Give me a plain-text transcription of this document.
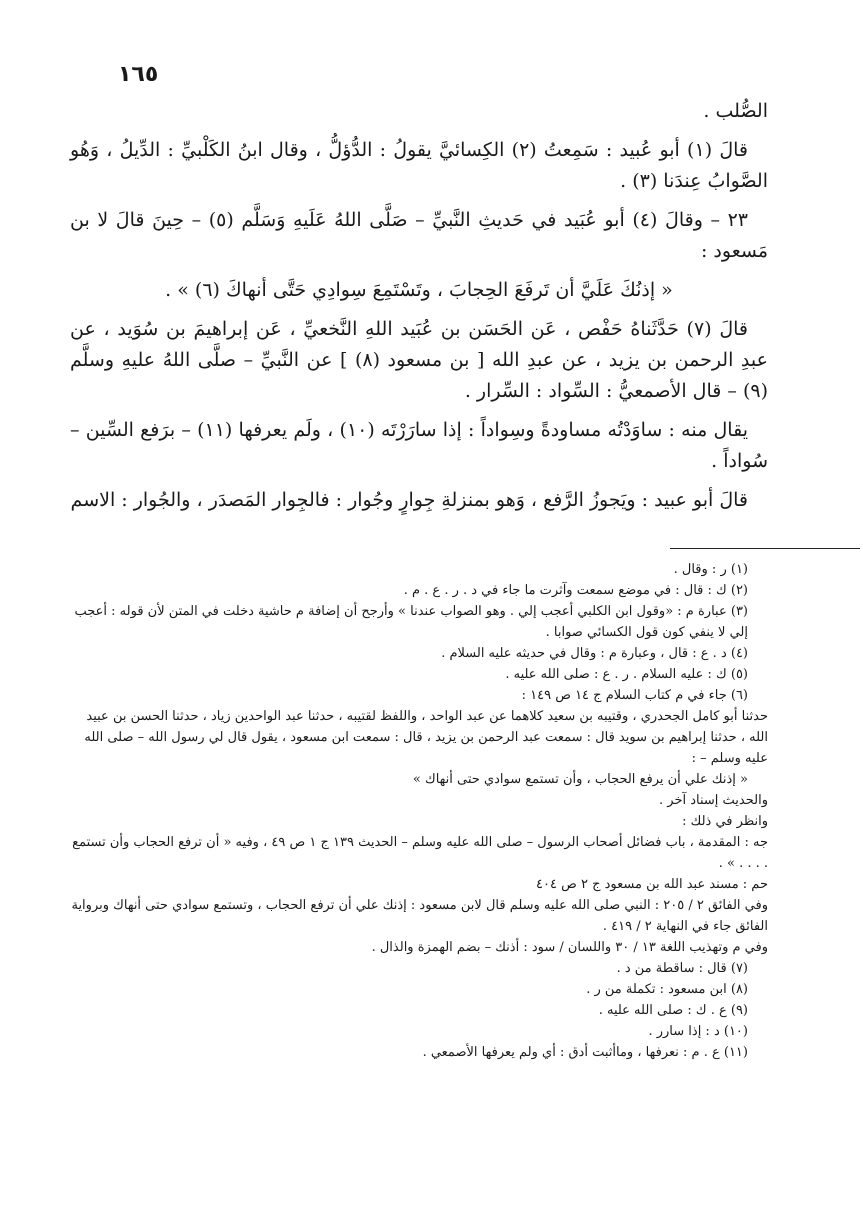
١٦٥

الصُّلب .

قالَ (١) أبو عُبيد : سَمِعتُ (٢) الكِسائيَّ يقولُ : الدُّؤلُّ ، وقال ابنُ الكَلْبيِّ : الدِّيلُ ، وَهُو الصَّوابُ عِندَنا (٣) .

٢٣ – وقالَ (٤) أبو عُبَيد في حَديثِ النَّبيِّ – صَلَّى اللهُ عَلَيهِ وَسَلَّم (٥) – حِينَ قالَ لا بن مَسعود :

« إذنُكَ عَلَيَّ أن تَرفَعَ الحِجابَ ، وتَسْتَمِعَ سِوادِي حَتَّى أنهاكَ (٦) » .

قالَ (٧) حَدَّثَناهُ حَفْص ، عَن الحَسَن بن عُبَيد اللهِ النَّخعيِّ ، عَن إبراهيمَ بن سُوَيد ، عن عبدِ الرحمن بن يزيد ، عن عبدِ الله [ بن مسعود (٨) ] عن النَّبيِّ – صلَّى اللهُ عليهِ وسلَّم (٩) – قال الأصمعيُّ : السِّواد : السِّرار .

يقال منه : ساوَدْتُه مساودةً وسِواداً : إذا سارَرْتَه (١٠) ، ولَم يعرفها (١١) – برَفع السِّين – سُواداً .

قالَ أبو عبيد : ويَجوزُ الرَّفع ، وَهو بمنزلةِ جِوارٍ وجُوار : فالجِوار المَصدَر ، والجُوار : الاسم

(١) ر : وقال .
(٢) ك : قال : في موضع سمعت وآثرت ما جاء في د . ر . ع . م .
(٣) عبارة م : «وقول ابن الكلبي أعجب إلي . وهو الصواب عندنا » وأرجح أن إضافة م حاشية دخلت في المتن لأن قوله : أعجب إلي لا ينفي كون قول الكسائي صوابا .
(٤) د . ع : قال ، وعبارة م : وقال في حديثه عليه السلام .
(٥) ك : عليه السلام . ر . ع : صلى الله عليه .
(٦) جاء في م كتاب السلام ج ١٤ ص ١٤٩ :
حدثنا أبو كامل الجحدري ، وقتيبه بن سعيد كلاهما عن عبد الواحد ، واللفظ لقتيبه ، حدثنا عبد الواحدين زياد ، حدثنا الحسن بن عبيد الله ، حدثنا إبراهيم بن سويد قال : سمعت عبد الرحمن بن يزيد ، قال : سمعت ابن مسعود ، يقول قال لي رسول الله – صلى الله عليه وسلم – :
« إذنك علي أن يرفع الحجاب ، وأن تستمع سوادي حتى أنهاك »
والحديث إسناد آخر .
وانظر في ذلك :
جه : المقدمة ، باب فضائل أصحاب الرسول – صلى الله عليه وسلم – الحديث ١٣٩ ج ١ ص ٤٩ ، وفيه « أن ترفع الحجاب وأن تستمع . . . . » .
حم : مسند عبد الله بن مسعود ج ٢ ص ٤٠٤
وفي الفائق ٢ / ٢٠٥ : النبي صلى الله عليه وسلم قال لابن مسعود : إذنك علي أن ترفع الحجاب ، وتستمع سوادي حتى أنهاك وبرواية الفائق جاء في النهاية ٢ / ٤١٩ .
وفي م وتهذيب اللغة ١٣ / ٣٠ واللسان / سود : أذنك – بضم الهمزة والذال .
(٧) قال : ساقطة من د .
(٨) ابن مسعود : تكملة من ر .
(٩) ع . ك : صلى الله عليه .
(١٠) د : إذا سارر .
(١١) ع . م : نعرفها ، وماأثبت أدق : أي ولم يعرفها الأصمعي .
